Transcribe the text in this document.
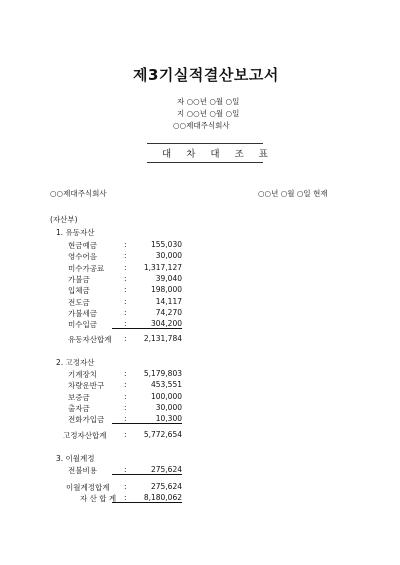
제3기실적결산보고서
자 ○○년 ○월 ○일
지 ○○년 ○월 ○일
○○제대주식회사
대 차 대 조 표
○○제대주식회사	○○년 ○월 ○일 현재
(자산부)
1. 유동자산
현금예금	:	155,030
영수어음	:	30,000
미수가공료	:	1,317,127
가불금	:	39,040
입체금	:	198,000
전도금	:	14,117
가불세금	:	74,270
미수입금	:	304,200
유동자산합계 :	2,131,784
2. 고정자산
기계장치	:	5,179,803
차량운반구	:	453,551
보증금	:	100,000
출자금	:	30,000
전화가입금	:	10,300
고정자산합계 :	5,772,654
3. 이월계정
전불비용	:	275,624
이월계정합계 :	275,624
자 산 합 계 :	8,180,062
